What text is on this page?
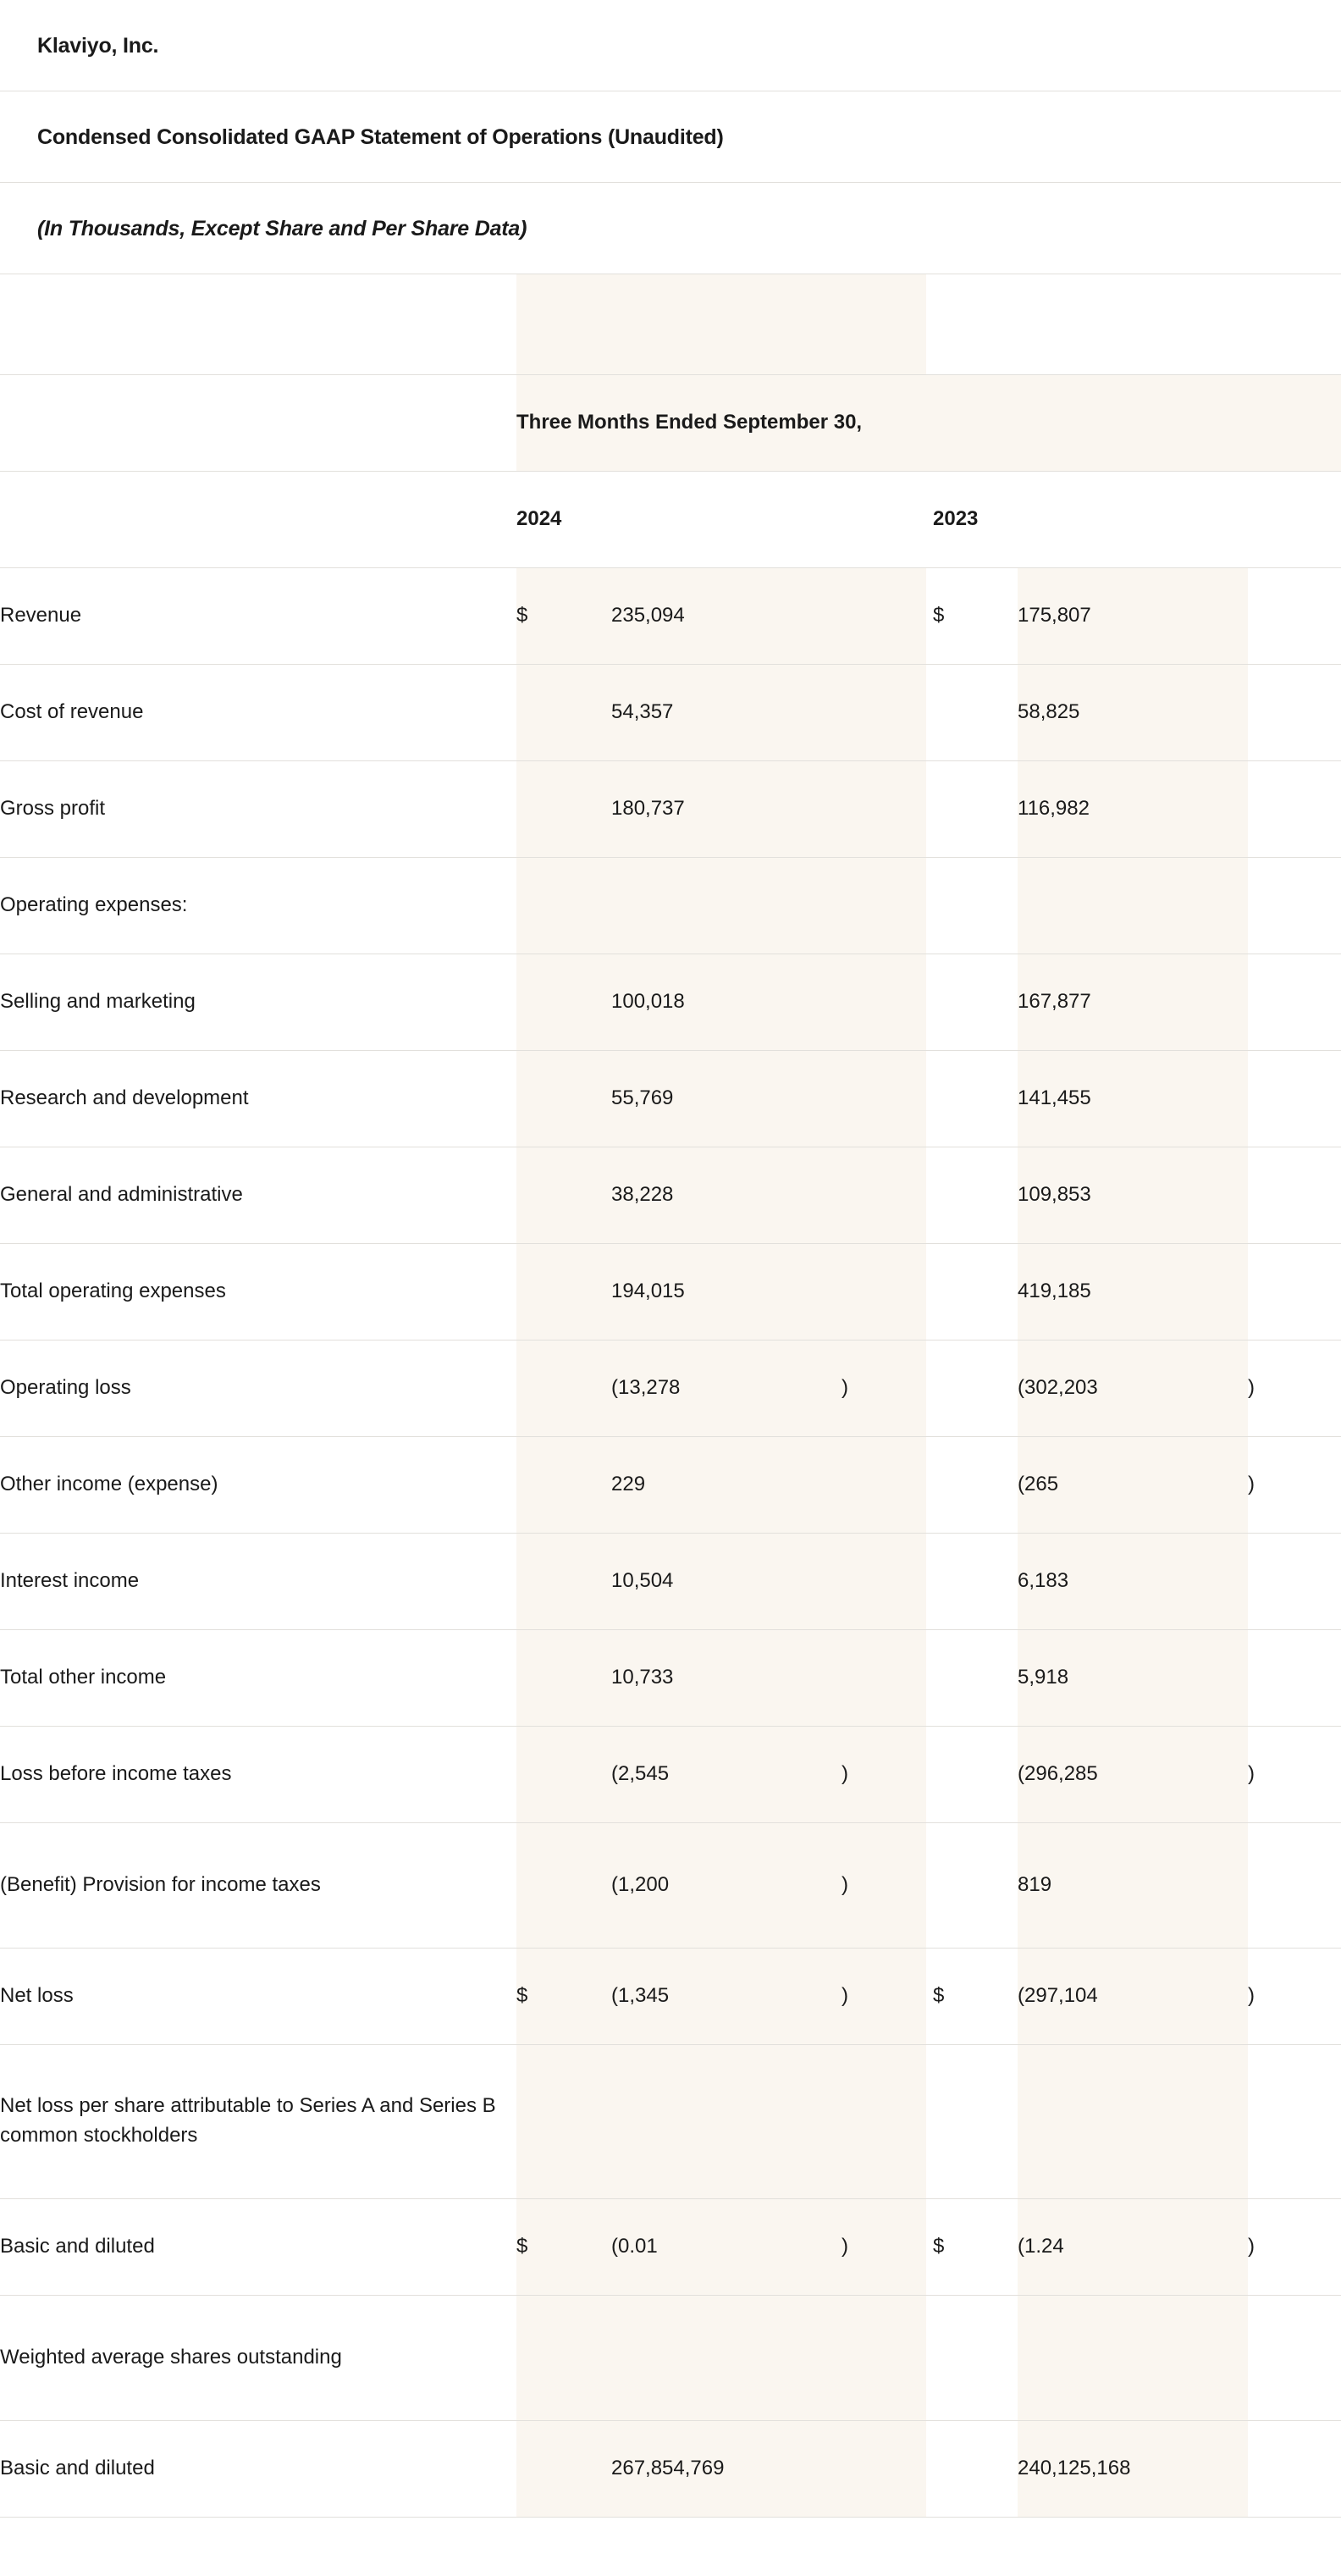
Klaviyo, Inc.
Condensed Consolidated GAAP Statement of Operations (Unaudited)
(In Thousands, Except Share and Per Share Data)

	Three Months Ended September 30,							
	2024					2023		
Revenue	$		235,094			$	175,807	
Cost of revenue			54,357				58,825	
Gross profit			180,737				116,982	
Operating expenses:								
Selling and marketing			100,018				167,877	
Research and development			55,769				141,455	
General and administrative			38,228				109,853	
Total operating expenses			194,015				419,185	
Operating loss			(13,278	)			(302,203	)
Other income (expense)			229				(265	)
Interest income			10,504				6,183	
Total other income			10,733				5,918	
Loss before income taxes			(2,545	)			(296,285	)
(Benefit) Provision for income taxes			(1,200	)			819	
Net loss	$		(1,345	)		$	(297,104	)
Net loss per share attributable to Series A and Series B common stockholders								
Basic and diluted	$		(0.01	)		$	(1.24	)
Weighted average shares outstanding								
Basic and diluted			267,854,769				240,125,168	
